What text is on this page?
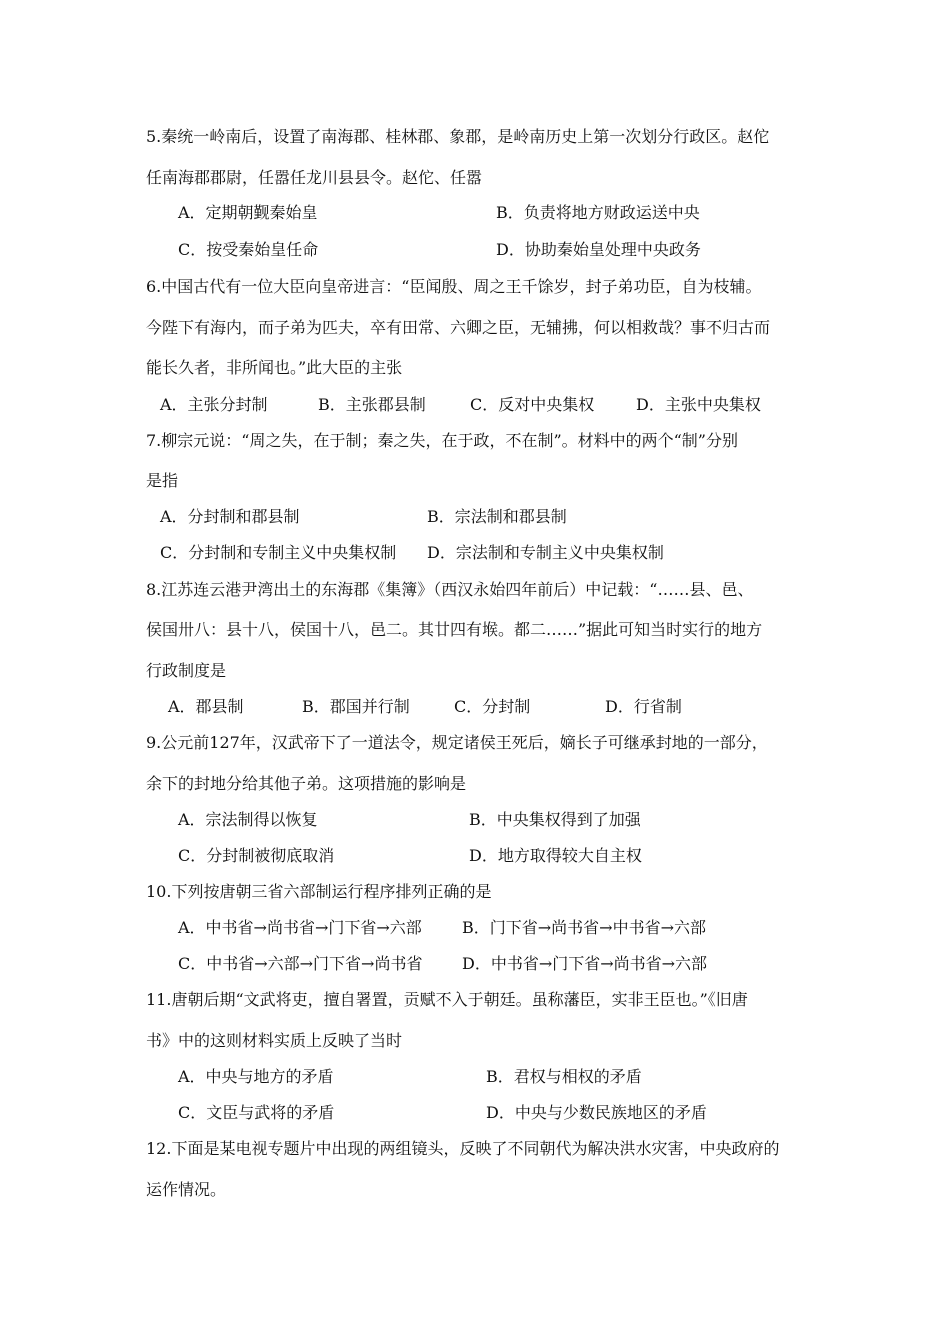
5.秦统一岭南后，设置了南海郡、桂林郡、象郡，是岭南历史上第一次划分行政区。赵佗
任南海郡郡尉，任嚣任龙川县县令。赵佗、任嚣
A．定期朝觐秦始皇	B．负责将地方财政运送中央
C．按受秦始皇任命	D．协助秦始皇处理中央政务
6.中国古代有一位大臣向皇帝进言：“臣闻殷、周之王千馀岁，封子弟功臣，自为枝辅。
今陛下有海内，而子弟为匹夫，卒有田常、六卿之臣，无辅拂，何以相救哉？事不归古而
能长久者，非所闻也。”此大臣的主张
A．主张分封制	B．主张郡县制	C．反对中央集权	D．主张中央集权
7.柳宗元说：“周之失，在于制；秦之失，在于政，不在制”。材料中的两个“制”分别
是指
A．分封制和郡县制	B．宗法制和郡县制
C．分封制和专制主义中央集权制 D．宗法制和专制主义中央集权制
8.江苏连云港尹湾出土的东海郡《集簿》（西汉永始四年前后）中记载：“……县、邑、
侯国卅八：县十八，侯国十八，邑二。其廿四有堠。都二……”据此可知当时实行的地方
行政制度是
A．郡县制	B．郡国并行制	C．分封制	D．行省制
9.公元前127年，汉武帝下了一道法令，规定诸侯王死后，嫡长子可继承封地的一部分，
余下的封地分给其他子弟。这项措施的影响是
A．宗法制得以恢复	B．中央集权得到了加强
C．分封制被彻底取消	D．地方取得较大自主权
10.下列按唐朝三省六部制运行程序排列正确的是
A．中书省→尚书省→门下省→六部	B．门下省→尚书省→中书省→六部
C．中书省→六部→门下省→尚书省 D．中书省→门下省→尚书省→六部
11.唐朝后期“文武将吏，擅自署置，贡赋不入于朝廷。虽称藩臣，实非王臣也。”《旧唐
书》中的这则材料实质上反映了当时
A．中央与地方的矛盾	B．君权与相权的矛盾
C．文臣与武将的矛盾	D．中央与少数民族地区的矛盾
12.下面是某电视专题片中出现的两组镜头，反映了不同朝代为解决洪水灾害，中央政府的
运作情况。
